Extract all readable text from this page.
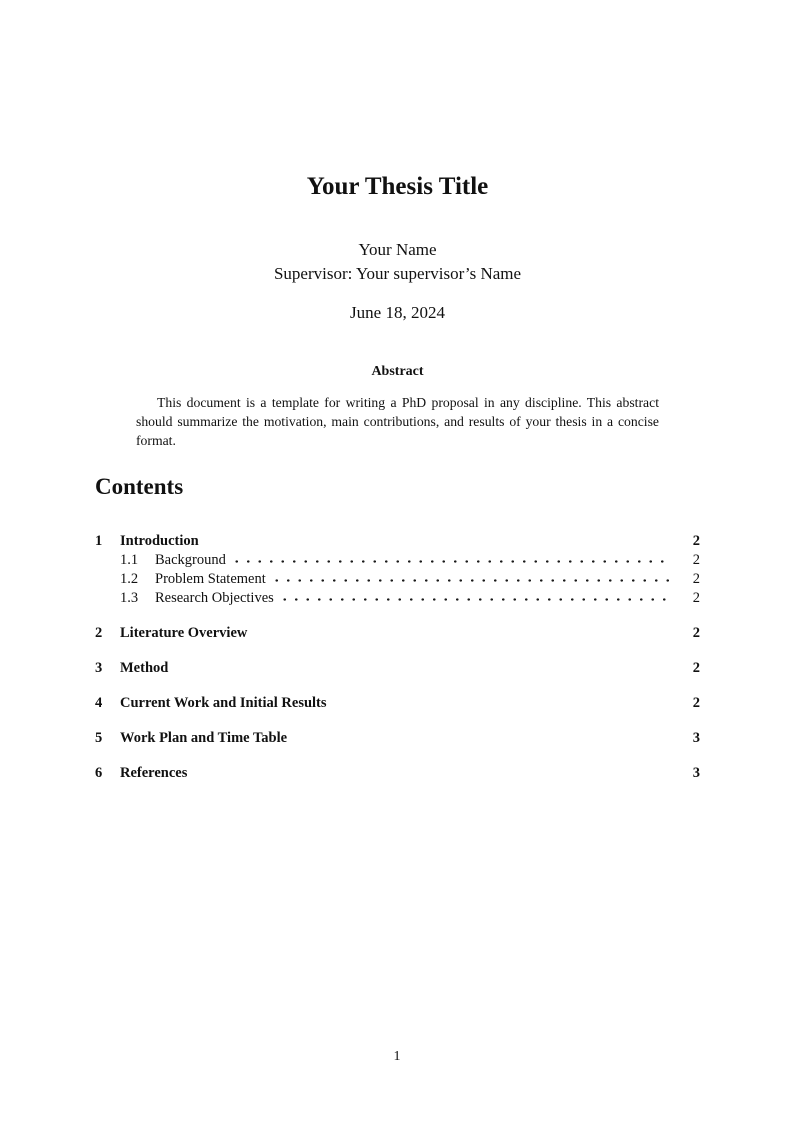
Your Thesis Title
Your Name
Supervisor: Your supervisor’s Name
June 18, 2024
Abstract

This document is a template for writing a PhD proposal in any discipline. This abstract should summarize the motivation, main contributions, and results of your thesis in a concise format.

Contents
1	Introduction	2
1.1	Background	2
1.2	Problem Statement	2
1.3	Research Objectives	2
2	Literature Overview	2
3	Method	2
4	Current Work and Initial Results	2
5	Work Plan and Time Table	3
6	References	3
1
